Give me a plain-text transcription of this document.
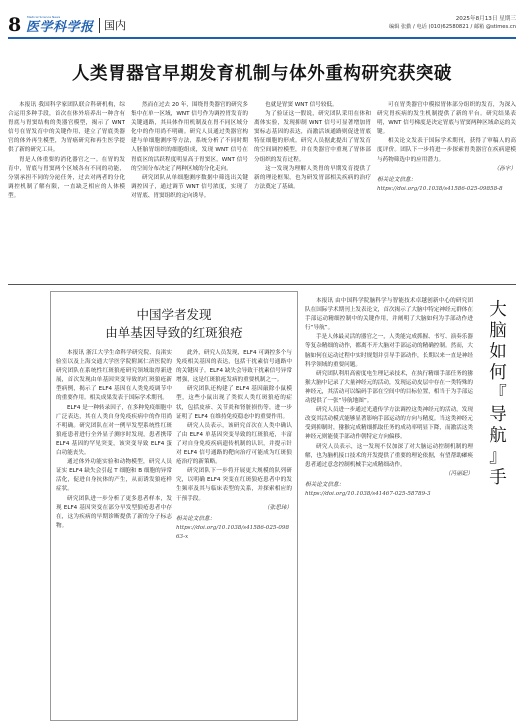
8 Medical Science News
医学科学报 国内	2025年8月13日 星期三
编辑 张勤 / 电话 (010)62580821 / 邮箱 @stimes.cn
人类胃器官早期发育机制与体外重构研究获突破

本报讯 我国科学家团队联合科研机构，综合运用多种手段，首次在体外培养出一种含有胃底与胃窦结构的类器官模型，揭示了 WNT 信号在胃发育中的关键作用，建立了胃底类器官的体外再生模型，为胃癌研究和再生医学提供了新的研究工具。

胃是人体重要的消化器官之一。在胃的发育中，胃底与胃窦两个区域各有不同的功能，分别承担不同的分泌任务，过去对两者的分化调控机制了解有限，一直缺乏相应的人体模型。

然而在过去 20 年，围绕胃类器官的研究多集中在单一区域，WNT 信号作为调控胃发育的关键通路，其具体作用机制及在胃不同区域分化中的作用尚不明确。研究人员通过类器官构建与单细胞测序等方法，系统分析了不同时期人胚胎胃组织的细胞组成，发现 WNT 信号在胃底区的活跃程度明显高于胃窦区，WNT 信号的空间分布决定了两种区域的分化走向。

研究团队从单细胞测序数据中筛选出关键调控因子，通过调节 WNT 信号浓度，实现了对胃底、胃窦组织的定向诱导。

也就是胃窦 WNT 信号较低。

为了验证这一假说，研究团队采用在体和离体实验，发现抑制 WNT 信号可显著增加胃窦标志基因的表达，而激活该通路则促进胃底特征细胞的形成。研究人员据此提出了胃发育的空间调控模型，并在类器官中重现了胃体部分组织的发育过程。

这一发现为理解人类胃的早期发育提供了新的理论框架，也为研发胃部相关疾病的治疗方法奠定了基础。

可在胃类器官中模拟胃体部分组织的发育，为深入研究胃疾病的发生机制提供了新的平台。研究结果表明，WNT 信号梯度是决定胃底与胃窦两种区域命运的关键。

相关论文发表于国际学术期刊，获得了审稿人的高度评价。团队下一步将进一步探索胃类器官在疾病建模与药物筛选中的应用潜力。

（孙宇）

相关论文信息：

https://doi.org/10.1038/s41586-025-09858-8

中国学者发现
由单基因导致的红斑狼疮

本报讯 浙江大学生命科学研究院、良渚实验室以及上海交通大学医学院附属仁济医院的研究团队在系统性红斑狼疮研究领域取得新进展，首次发现由单基因突变导致的红斑狼疮新型病例，揭示了 ELF4 基因在人类免疫调节中的重要作用。相关成果发表于国际学术期刊。

ELF4 是一种转录因子，在多种免疫细胞中广泛表达，其在人类自身免疫疾病中的作用尚不明确。研究团队在对一例早发型系统性红斑狼疮患者进行全外显子测序时发现，患者携带 ELF4 基因的罕见突变，该突变导致 ELF4 蛋白功能丧失。

通过体外功能实验和动物模型，研究人员证实 ELF4 缺失会引起 T 细胞和 B 细胞的异常活化，促进自身抗体的产生，从而诱发狼疮样症状。

研究团队进一步分析了更多患者样本，发现 ELF4 基因突变在部分早发型狼疮患者中存在，这为疾病的早期诊断提供了新的分子标志物。

此外，研究人员发现，ELF4 可调控多个与免疫相关基因的表达，包括干扰素信号通路中的关键因子。ELF4 缺失会导致干扰素信号异常增强，这是红斑狼疮发病的重要机制之一。

研究团队还构建了 ELF4 基因敲除小鼠模型，这些小鼠出现了类似人类红斑狼疮的症状，包括皮疹、关节炎和肾脏损伤等，进一步证明了 ELF4 在维持免疫稳态中的重要作用。

研究人员表示，该研究首次在人类中确认了由 ELF4 单基因突变导致的红斑狼疮，丰富了对自身免疫疾病遗传机制的认识，并提示针对 ELF4 信号通路的靶向治疗可能成为红斑狼疮治疗的新策略。

研究团队下一步将开展更大规模的队列研究，以明确 ELF4 突变在红斑狼疮患者中的发生频率及其与临床表型的关系，并探索相应的干预手段。

（张思玮）

相关论文信息：

https://doi.org/10.1038/s41586-025-09863-x

本报讯 由中国科学院脑科学与智能技术卓越创新中心的研究团队在国际学术期刊上发表论文，首次揭示了大脑中特定神经元群体在手部运动精细控制中的关键作用，并阐明了大脑如何为手部动作进行“导航”。

手是人体最灵活的器官之一，人类能完成抓握、书写、演奏乐器等复杂精细的动作，都离不开大脑对手部运动的精确控制。然而，大脑如何在运动过程中实时规划并引导手部动作，长期以来一直是神经科学领域的重要问题。

研究团队利用高密度电生理记录技术，在执行精细手部任务的猕猴大脑中记录了大量神经元的活动，发现运动皮层中存在一类特殊的神经元，其活动可以编码手部在空间中的目标位置，相当于为手部运动提供了一张“导航地图”。

研究人员进一步通过光遗传学方法调控这类神经元的活动，发现改变其活动模式能够显著影响手部运动的方向与精度。当这类神经元受到抑制时，猕猴完成精细抓取任务的成功率明显下降，而激活这类神经元则能使手部动作朝特定方向偏移。

研究人员表示，这一发现不仅加深了对大脑运动控制机制的理解，也为脑机接口技术的开发提供了重要的理论依据，有望帮助瘫痪患者通过意念控制机械手完成精细动作。

（冯丽妃）

相关论文信息：

https://doi.org/10.1038/s41467-025-58789-3

大
脑
如
何
『
导
航
』
手
